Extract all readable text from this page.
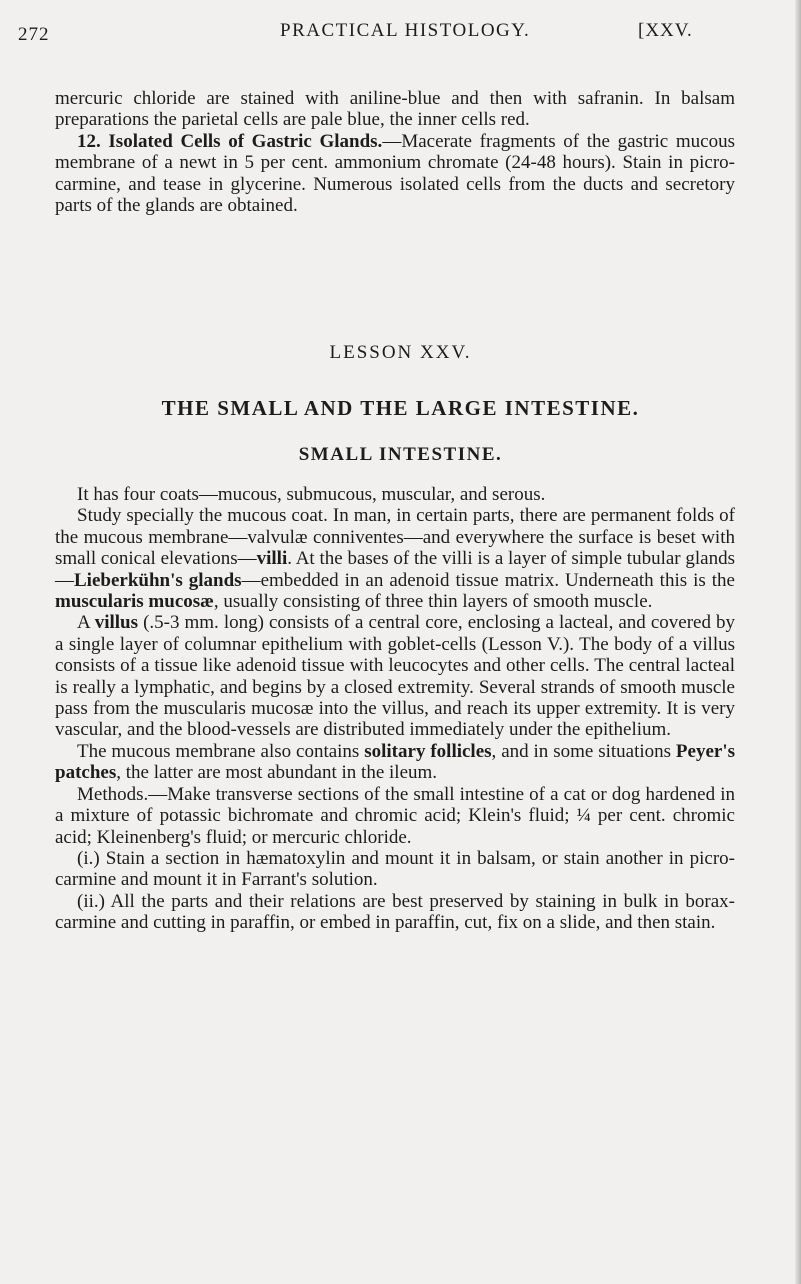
272	PRACTICAL HISTOLOGY.	[XXV.

mercuric chloride are stained with aniline-blue and then with safranin. In balsam preparations the parietal cells are pale blue, the inner cells red.

12. Isolated Cells of Gastric Glands.—Macerate fragments of the gastric mucous membrane of a newt in 5 per cent. ammonium chromate (24-48 hours). Stain in picro-carmine, and tease in glycerine. Numerous isolated cells from the ducts and secretory parts of the glands are obtained.

LESSON XXV.
THE SMALL AND THE LARGE INTESTINE.
SMALL INTESTINE.

It has four coats—mucous, submucous, muscular, and serous.

Study specially the mucous coat. In man, in certain parts, there are permanent folds of the mucous membrane—valvulæ conniventes—and everywhere the surface is beset with small conical elevations—villi. At the bases of the villi is a layer of simple tubular glands—Lieberkühn's glands—embedded in an adenoid tissue matrix. Underneath this is the muscularis mucosæ, usually consisting of three thin layers of smooth muscle.

A villus (.5-3 mm. long) consists of a central core, enclosing a lacteal, and covered by a single layer of columnar epithelium with goblet-cells (Lesson V.). The body of a villus consists of a tissue like adenoid tissue with leucocytes and other cells. The central lacteal is really a lymphatic, and begins by a closed extremity. Several strands of smooth muscle pass from the muscularis mucosæ into the villus, and reach its upper extremity. It is very vascular, and the blood-vessels are distributed immediately under the epithelium.

The mucous membrane also contains solitary follicles, and in some situations Peyer's patches, the latter are most abundant in the ileum.

Methods.—Make transverse sections of the small intestine of a cat or dog hardened in a mixture of potassic bichromate and chromic acid; Klein's fluid; ¼ per cent. chromic acid; Kleinenberg's fluid; or mercuric chloride.

(i.) Stain a section in hæmatoxylin and mount it in balsam, or stain another in picro-carmine and mount it in Farrant's solution.

(ii.) All the parts and their relations are best preserved by staining in bulk in borax-carmine and cutting in paraffin, or embed in paraffin, cut, fix on a slide, and then stain.
